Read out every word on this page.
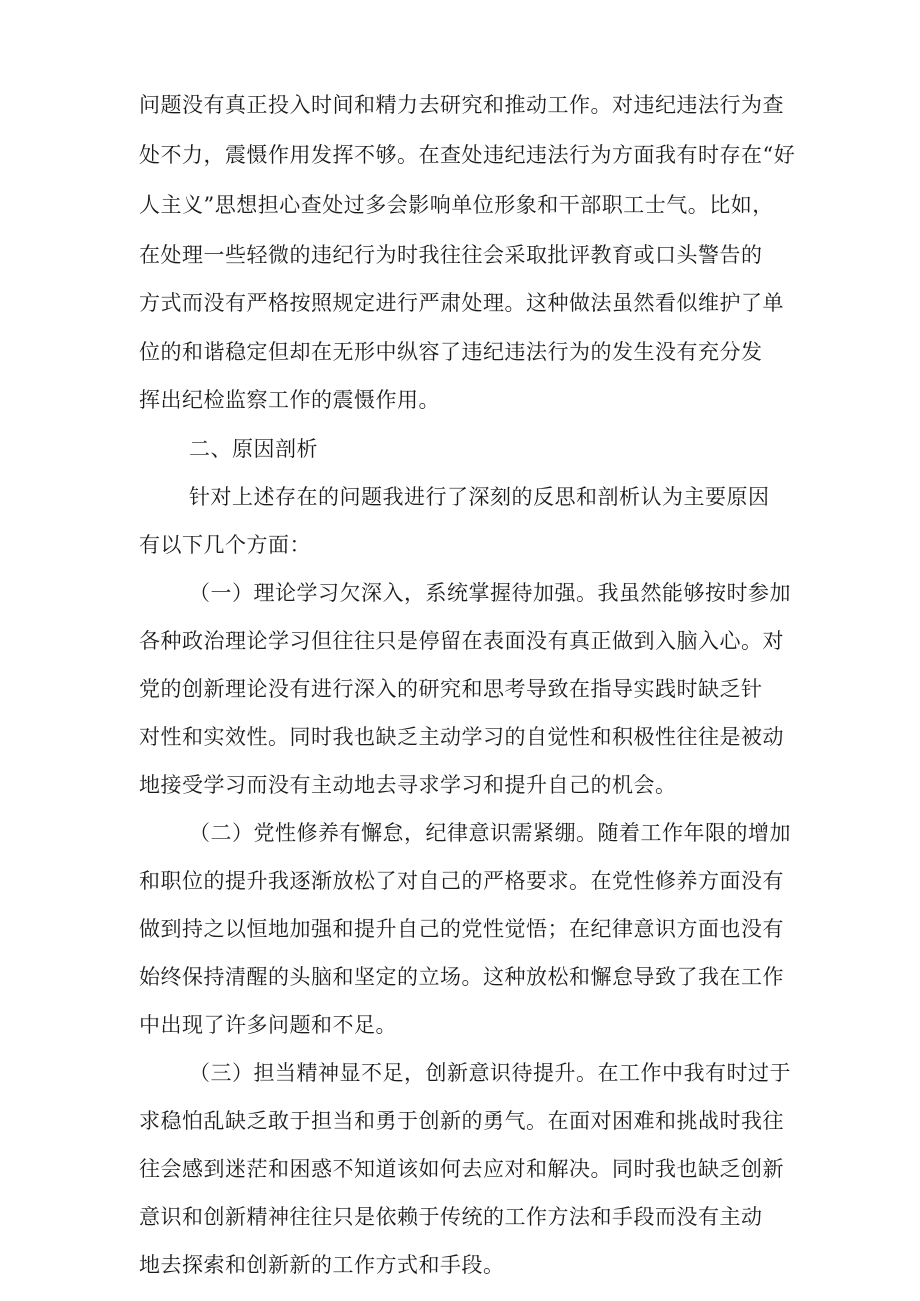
问题没有真正投入时间和精力去研究和推动工作。对违纪违法行为查
处不力，震慑作用发挥不够。在查处违纪违法行为方面我有时存在“好
人主义”思想担心查处过多会影响单位形象和干部职工士气。比如，
在处理一些轻微的违纪行为时我往往会采取批评教育或口头警告的
方式而没有严格按照规定进行严肃处理。这种做法虽然看似维护了单
位的和谐稳定但却在无形中纵容了违纪违法行为的发生没有充分发
挥出纪检监察工作的震慑作用。
二、原因剖析
针对上述存在的问题我进行了深刻的反思和剖析认为主要原因
有以下几个方面：
（一）理论学习欠深入，系统掌握待加强。我虽然能够按时参加
各种政治理论学习但往往只是停留在表面没有真正做到入脑入心。对
党的创新理论没有进行深入的研究和思考导致在指导实践时缺乏针
对性和实效性。同时我也缺乏主动学习的自觉性和积极性往往是被动
地接受学习而没有主动地去寻求学习和提升自己的机会。
（二）党性修养有懈怠，纪律意识需紧绷。随着工作年限的增加
和职位的提升我逐渐放松了对自己的严格要求。在党性修养方面没有
做到持之以恒地加强和提升自己的党性觉悟；在纪律意识方面也没有
始终保持清醒的头脑和坚定的立场。这种放松和懈怠导致了我在工作
中出现了许多问题和不足。
（三）担当精神显不足，创新意识待提升。在工作中我有时过于
求稳怕乱缺乏敢于担当和勇于创新的勇气。在面对困难和挑战时我往
往会感到迷茫和困惑不知道该如何去应对和解决。同时我也缺乏创新
意识和创新精神往往只是依赖于传统的工作方法和手段而没有主动
地去探索和创新新的工作方式和手段。
